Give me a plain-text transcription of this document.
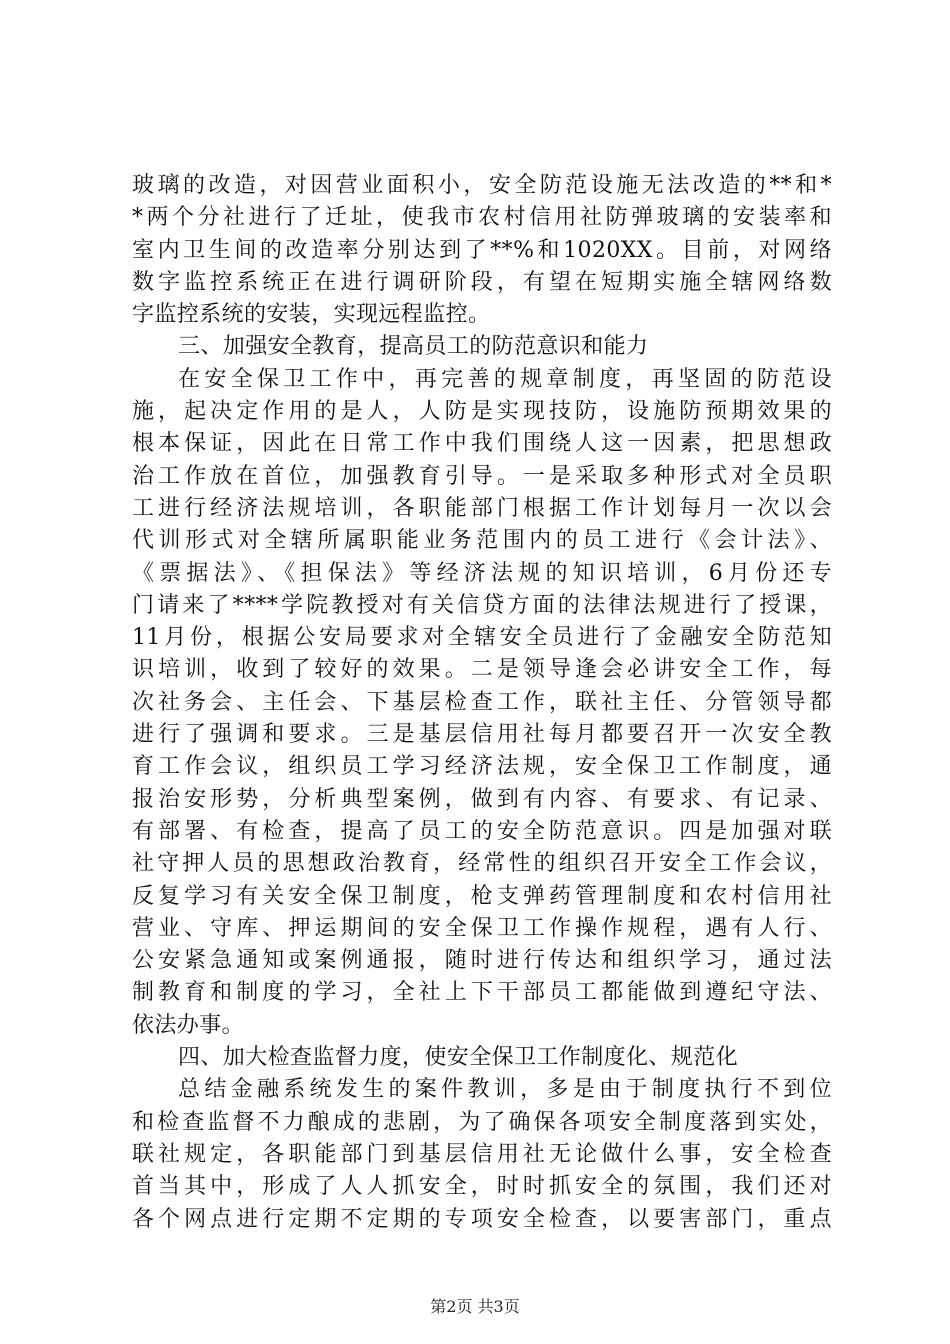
玻璃的改造，对因营业面积小，安全防范设施无法改造的**和*
*两个分社进行了迁址，使我市农村信用社防弹玻璃的安装率和
室内卫生间的改造率分别达到了**%和1020XX。目前，对网络
数字监控系统正在进行调研阶段，有望在短期实施全辖网络数
字监控系统的安装，实现远程监控。
三、加强安全教育，提高员工的防范意识和能力
在安全保卫工作中，再完善的规章制度，再坚固的防范设
施，起决定作用的是人，人防是实现技防，设施防预期效果的
根本保证，因此在日常工作中我们围绕人这一因素，把思想政
治工作放在首位，加强教育引导。一是采取多种形式对全员职
工进行经济法规培训，各职能部门根据工作计划每月一次以会
代训形式对全辖所属职能业务范围内的员工进行《会计法》、
《票据法》、《担保法》等经济法规的知识培训，6月份还专
门请来了****学院教授对有关信贷方面的法律法规进行了授课，
11月份，根据公安局要求对全辖安全员进行了金融安全防范知
识培训，收到了较好的效果。二是领导逢会必讲安全工作，每
次社务会、主任会、下基层检查工作，联社主任、分管领导都
进行了强调和要求。三是基层信用社每月都要召开一次安全教
育工作会议，组织员工学习经济法规，安全保卫工作制度，通
报治安形势，分析典型案例，做到有内容、有要求、有记录、
有部署、有检查，提高了员工的安全防范意识。四是加强对联
社守押人员的思想政治教育，经常性的组织召开安全工作会议，
反复学习有关安全保卫制度，枪支弹药管理制度和农村信用社
营业、守库、押运期间的安全保卫工作操作规程，遇有人行、
公安紧急通知或案例通报，随时进行传达和组织学习，通过法
制教育和制度的学习，全社上下干部员工都能做到遵纪守法、
依法办事。
四、加大检查监督力度，使安全保卫工作制度化、规范化
总结金融系统发生的案件教训，多是由于制度执行不到位
和检查监督不力酿成的悲剧，为了确保各项安全制度落到实处，
联社规定，各职能部门到基层信用社无论做什么事，安全检查
首当其中，形成了人人抓安全，时时抓安全的氛围，我们还对
各个网点进行定期不定期的专项安全检查，以要害部门，重点
第2页 共3页
